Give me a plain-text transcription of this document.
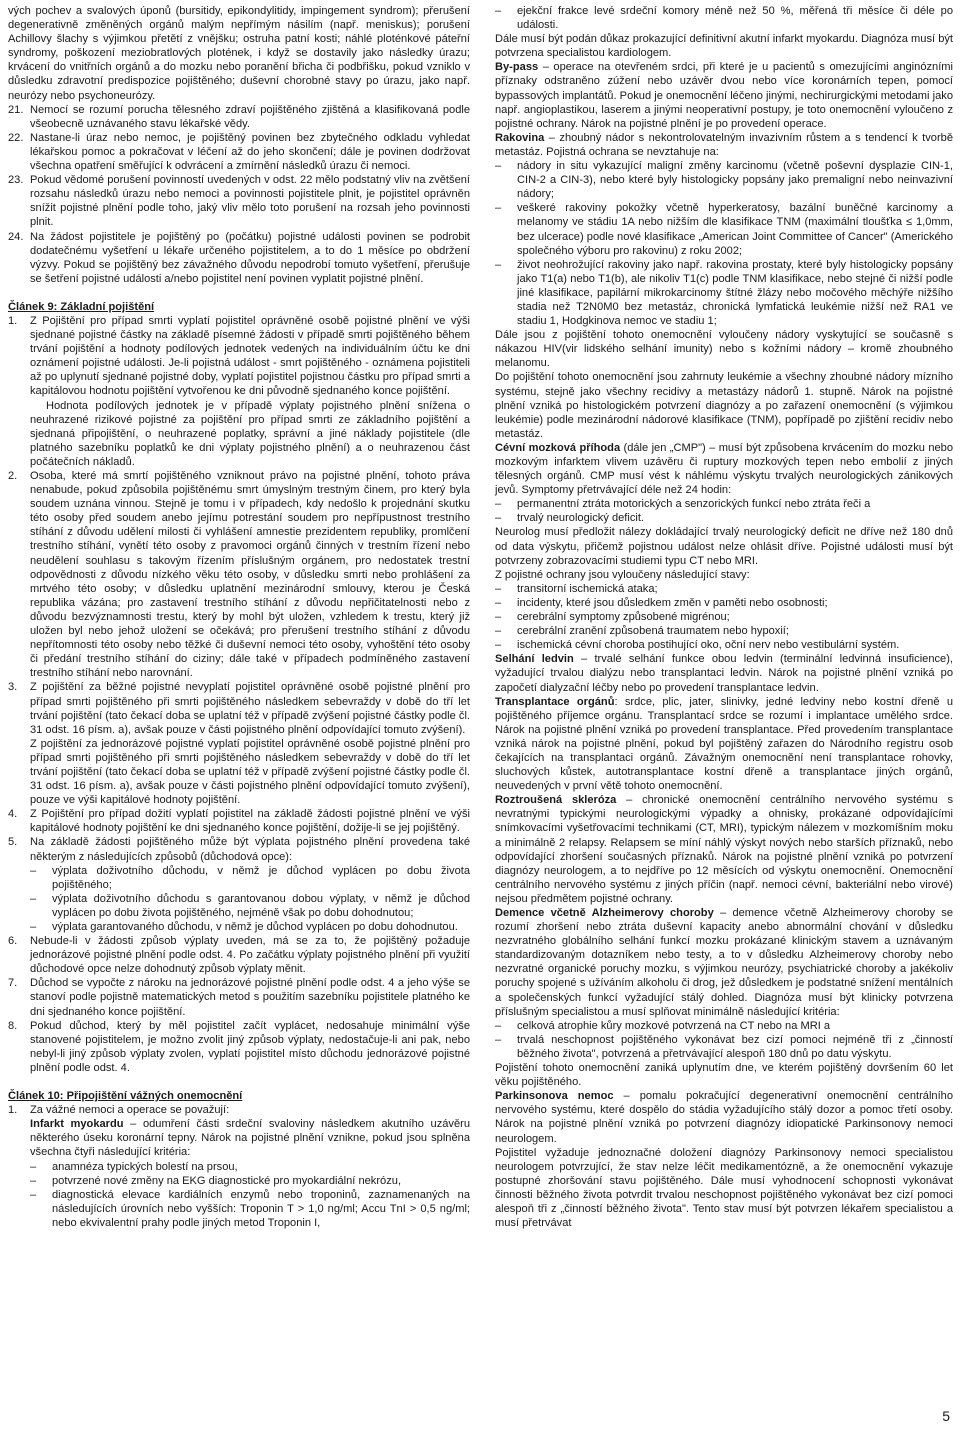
vých pochev a svalových úponů (bursitidy, epikondylitidy, impingement syndrom); přerušení degenerativně změněných orgánů malým nepřímým násilím (např. meniskus); porušení Achillovy šlachy s výjimkou přetětí z vnějšku; ostruha patní kosti; náhlé ploténkové páteřní syndromy, poškození meziobratlových plotének, i když se dostavily jako následky úrazu; krvácení do vnitřních orgánů a do mozku nebo poranění břicha či podbřišku, pokud vzniklo v důsledku zdravotní predispozice pojištěného; duševní chorobné stavy po úrazu, jako např. neurózy nebo psychoneurózy.

21. Nemocí se rozumí porucha tělesného zdraví pojištěného zjištěná a klasifikovaná podle všeobecně uznávaného stavu lékařské vědy.

22. Nastane-li úraz nebo nemoc, je pojištěný povinen bez zbytečného odkladu vyhledat lékařskou pomoc a pokračovat v léčení až do jeho skončení; dále je povinen dodržovat všechna opatření směřující k odvrácení a zmírnění následků úrazu či nemoci.

23. Pokud vědomé porušení povinností uvedených v odst. 22 mělo podstatný vliv na zvětšení rozsahu následků úrazu nebo nemoci a povinnosti pojistitele plnit, je pojistitel oprávněn snížit pojistné plnění podle toho, jaký vliv mělo toto porušení na rozsah jeho povinnosti plnit.

24. Na žádost pojistitele je pojištěný po (počátku) pojistné události povinen se podrobit dodatečnému vyšetření u lékaře určeného pojistitelem, a to do 1 měsíce po obdržení výzvy. Pokud se pojištěný bez závažného důvodu nepodrobí tomuto vyšetření, přerušuje se šetření pojistné události a/nebo pojistitel není povinen vyplatit pojistné plnění.

Článek 9: Základní pojištění

1. Z Pojištění pro případ smrti vyplatí pojistitel oprávněné osobě pojistné plnění ve výši sjednané pojistné částky na základě písemné žádosti v případě smrti pojištěného během trvání pojištění a hodnoty podílových jednotek vedených na individuálním účtu ke dni oznámení pojistné události. Je-li pojistná událost - smrt pojištěného - oznámena pojistiteli až po uplynutí sjednané pojistné doby, vyplatí pojistitel pojistnou částku pro případ smrti a kapitálovou hodnotu pojištění vytvořenou ke dni původně sjednaného konce pojištění.

Hodnota podílových jednotek je v případě výplaty pojistného plnění snížena o neuhrazené rizikové pojistné za pojištění pro případ smrti ze základního pojištění a sjednaná připojištění, o neuhrazené poplatky, správní a jiné náklady pojistitele (dle platného sazebníku poplatků ke dni výplaty pojistného plnění) a o neuhrazenou část počátečních nákladů.

2. Osoba, které má smrtí pojištěného vzniknout právo na pojistné plnění, tohoto práva nenabude, pokud způsobila pojištěnému smrt úmyslným trestným činem, pro který byla soudem uznána vinnou. Stejně je tomu i v případech, kdy nedošlo k projednání skutku této osoby před soudem anebo jejímu potrestání soudem pro nepřípustnost trestního stíhání z důvodu udělení milosti či vyhlášení amnestie prezidentem republiky, promlčení trestního stíhání, vynětí této osoby z pravomoci orgánů činných v trestním řízení nebo neudělení souhlasu s takovým řízením příslušným orgánem, pro nedostatek trestní odpovědnosti z důvodu nízkého věku této osoby, v důsledku smrti nebo prohlášení za mrtvého této osoby; v důsledku uplatnění mezinárodní smlouvy, kterou je Česká republika vázána; pro zastavení trestního stíhání z důvodu nepřičitatelnosti nebo z důvodu bezvýznamnosti trestu, který by mohl být uložen, vzhledem k trestu, který již uložen byl nebo jehož uložení se očekává; pro přerušení trestního stíhání z důvodu nepřítomnosti této osoby nebo těžké či duševní nemoci této osoby, vyhoštění této osoby či předání trestního stíhání do ciziny; dále také v případech podmíněného zastavení trestního stíhání nebo narovnání.

3. Z pojištění za běžné pojistné nevyplatí pojistitel oprávněné osobě pojistné plnění pro případ smrti pojištěného při smrti pojištěného následkem sebevraždy v době do tří let trvání pojištění (tato čekací doba se uplatní též v případě zvýšení pojistné částky podle čl. 31 odst. 16 písm. a), avšak pouze v části pojistného plnění odpovídající tomuto zvýšení).

Z pojištění za jednorázové pojistné vyplatí pojistitel oprávněné osobě pojistné plnění pro případ smrti pojištěného při smrti pojištěného následkem sebevraždy v době do tří let trvání pojištění (tato čekací doba se uplatní též v případě zvýšení pojistné částky podle čl. 31 odst. 16 písm. a), avšak pouze v části pojistného plnění odpovídající tomuto zvýšení), pouze ve výši kapitálové hodnoty pojištění.

4. Z Pojištění pro případ dožití vyplatí pojistitel na základě žádosti pojistné plnění ve výši kapitálové hodnoty pojištění ke dni sjednaného konce pojištění, dožije-li se jej pojištěný.

5. Na základě žádosti pojištěného může být výplata pojistného plnění provedena také některým z následujících způsobů (důchodová opce):

– výplata doživotního důchodu, v němž je důchod vyplácen po dobu života pojištěného;

– výplata doživotního důchodu s garantovanou dobou výplaty, v němž je důchod vyplácen po dobu života pojištěného, nejméně však po dobu dohodnutou;

– výplata garantovaného důchodu, v němž je důchod vyplácen po dobu dohodnutou.

6. Nebude-li v žádosti způsob výplaty uveden, má se za to, že pojištěný požaduje jednorázové pojistné plnění podle odst. 4. Po začátku výplaty pojistného plnění při využití důchodové opce nelze dohodnutý způsob výplaty měnit.

7. Důchod se vypočte z nároku na jednorázové pojistné plnění podle odst. 4 a jeho výše se stanoví podle pojistně matematických metod s použitím sazebníku pojistitele platného ke dni sjednaného konce pojištění.

8. Pokud důchod, který by měl pojistitel začít vyplácet, nedosahuje minimální výše stanovené pojistitelem, je možno zvolit jiný způsob výplaty, nedostačuje-li ani pak, nebo nebyl-li jiný způsob výplaty zvolen, vyplatí pojistitel místo důchodu jednorázové pojistné plnění podle odst. 4.

Článek 10: Připojištění vážných onemocnění

1. Za vážné nemoci a operace se považují:

Infarkt myokardu – odumření části srdeční svaloviny následkem akutního uzávěru některého úseku koronární tepny. Nárok na pojistné plnění vznikne, pokud jsou splněna všechna čtyři následující kritéria:

– anamnéza typických bolestí na prsou,

– potvrzené nové změny na EKG diagnostické pro myokardiální nekrózu,

– diagnostická elevace kardiálních enzymů nebo troponinů, zaznamenaných na následujících úrovních nebo vyšších: Troponin T > 1,0 ng/ml; Accu TnI > 0,5 ng/ml; nebo ekvivalentní prahy podle jiných metod Troponin I,

– ejekční frakce levé srdeční komory méně než 50 %, měřená tři měsíce či déle po události.

Dále musí být podán důkaz prokazující definitivní akutní infarkt myokardu. Diagnóza musí být potvrzena specialistou kardiologem.

By-pass – operace na otevřeném srdci, při které je u pacientů s omezujícími anginózními příznaky odstraněno zúžení nebo uzávěr dvou nebo více koronárních tepen, pomocí bypassových implantátů. Pokud je onemocnění léčeno jinými, nechirurgickými metodami jako např. angioplastikou, laserem a jinými neoperativní postupy, je toto onemocnění vyloučeno z pojistné ochrany. Nárok na pojistné plnění je po provedení operace.

Rakovina – zhoubný nádor s nekontrolovatelným invazivním růstem a s tendencí k tvorbě metastáz. Pojistná ochrana se nevztahuje na:

– nádory in situ vykazující maligní změny karcinomu (včetně poševní dysplazie CIN-1, CIN-2 a CIN-3), nebo které byly histologicky popsány jako premaligní nebo neinvazivní nádory;

– veškeré rakoviny pokožky včetně hyperkeratosy, bazální buněčné karcinomy a melanomy ve stádiu 1A nebo nižším dle klasifikace TNM (maximální tloušťka ≤ 1,0mm, bez ulcerace) podle nové klasifikace „American Joint Committee of Cancer" (Amerického společného výboru pro rakovinu) z roku 2002;

– život neohrožující rakoviny jako např. rakovina prostaty, které byly histologicky popsány jako T1(a) nebo T1(b), ale nikoliv T1(c) podle TNM klasifikace, nebo stejné či nižší podle jiné klasifikace, papilární mikrokarcinomy štítné žlázy nebo močového měchýře nižšího stadia než T2N0M0 bez metastáz, chronická lymfatická leukémie nižší než RA1 ve stadiu 1, Hodgkinova nemoc ve stadiu 1;

Dále jsou z pojištění tohoto onemocnění vyloučeny nádory vyskytující se současně s nákazou HIV(vir lidského selhání imunity) nebo s kožními nádory – kromě zhoubného melanomu.

Do pojištění tohoto onemocnění jsou zahrnuty leukémie a všechny zhoubné nádory mízního systému, stejně jako všechny recidivy a metastázy nádorů 1. stupně. Nárok na pojistné plnění vzniká po histologickém potvrzení diagnózy a po zařazení onemocnění (s výjimkou leukémie) podle mezinárodní nádorové klasifikace (TNM), popřípadě po zjištění recidiv nebo metastáz.

Cévní mozková příhoda (dále jen „CMP") – musí být způsobena krvácením do mozku nebo mozkovým infarktem vlivem uzávěru či ruptury mozkových tepen nebo embolií z jiných tělesných orgánů. CMP musí vést k náhlému výskytu trvalých neurologických zánikových jevů. Symptomy přetrvávající déle než 24 hodin:

– permanentní ztráta motorických a senzorických funkcí nebo ztráta řeči a

– trvalý neurologický deficit.

Neurolog musí předložit nálezy dokládající trvalý neurologický deficit ne dříve než 180 dnů od data výskytu, přičemž pojistnou událost nelze ohlásit dříve. Pojistné události musí být potvrzeny zobrazovacími studiemi typu CT nebo MRI.

Z pojistné ochrany jsou vyloučeny následující stavy:

– transitorní ischemická ataka;

– incidenty, které jsou důsledkem změn v paměti nebo osobnosti;

– cerebrální symptomy způsobené migrénou;

– cerebrální zranění způsobená traumatem nebo hypoxií;

– ischemická cévní choroba postihující oko, oční nerv nebo vestibulární systém.

Selhání ledvin – trvalé selhání funkce obou ledvin (terminální ledvinná insuficience), vyžadující trvalou dialýzu nebo transplantaci ledvin. Nárok na pojistné plnění vzniká po započetí dialyzační léčby nebo po provedení transplantace ledvin.

Transplantace orgánů: srdce, plic, jater, slinivky, jedné ledviny nebo kostní dřeně u pojištěného příjemce orgánu. Transplantací srdce se rozumí i implantace umělého srdce. Nárok na pojistné plnění vzniká po provedení transplantace. Před provedením transplantace vzniká nárok na pojistné plnění, pokud byl pojištěný zařazen do Národního registru osob čekajících na transplantaci orgánů. Závažným onemocnění není transplantace rohovky, sluchových kůstek, autotransplantace kostní dřeně a transplantace jiných orgánů, neuvedených v první větě tohoto onemocnění.

Roztroušená skleróza – chronické onemocnění centrálního nervového systému s nevratnými typickými neurologickými výpadky a ohnisky, prokázané odpovídajícími snímkovacími vyšetřovacími technikami (CT, MRI), typickým nálezem v mozkomíšním moku a minimálně 2 relapsy. Relapsem se míní náhlý výskyt nových nebo starších příznaků, nebo odpovídající zhoršení současných příznaků. Nárok na pojistné plnění vzniká po potvrzení diagnózy neurologem, a to nejdříve po 12 měsících od výskytu onemocnění. Onemocnění centrálního nervového systému z jiných příčin (např. nemoci cévní, bakteriální nebo virové) nejsou předmětem pojistné ochrany.

Demence včetně Alzheimerovy choroby – demence včetně Alzheimerovy choroby se rozumí zhoršení nebo ztráta duševní kapacity anebo abnormální chování v důsledku nezvratného globálního selhání funkcí mozku prokázané klinickým stavem a uznávaným standardizovaným dotazníkem nebo testy, a to v důsledku Alzheimerovy choroby nebo nezvratné organické poruchy mozku, s výjimkou neurózy, psychiatrické choroby a jakékoliv poruchy spojené s užíváním alkoholu či drog, jež důsledkem je podstatné snížení mentálních a společenských funkcí vyžadující stálý dohled. Diagnóza musí být klinicky potvrzena příslušným specialistou a musí splňovat minimálně následující kritéria:

– celková atrophie kůry mozkové potvrzená na CT nebo na MRI a

– trvalá neschopnost pojištěného vykonávat bez cizí pomoci nejméně tři z „činností běžného života", potvrzená a přetrvávající alespoň 180 dnů po datu výskytu.

Pojistění tohoto onemocnění zaniká uplynutím dne, ve kterém pojištěný dovršením 60 let věku pojištěného.

Parkinsonova nemoc – pomalu pokračující degenerativní onemocnění centrálního nervového systému, které dospělo do stádia vyžadujícího stálý dozor a pomoc třetí osoby. Nárok na pojistné plnění vzniká po potvrzení diagnózy idiopatické Parkinsonovy nemoci neurologem.

Pojistitel vyžaduje jednoznačné doložení diagnózy Parkinsonovy nemoci specialistou neurologem potvrzující, že stav nelze léčit medikamentózně, a že onemocnění vykazuje postupné zhoršování stavu pojištěného. Dále musí vyhodnocení schopnosti vykonávat činnosti běžného života potvrdit trvalou neschopnost pojištěného vykonávat bez cizí pomoci alespoň tři z „činností běžného života". Tento stav musí být potvrzen lékařem specialistou a musí přetrvávat

5
